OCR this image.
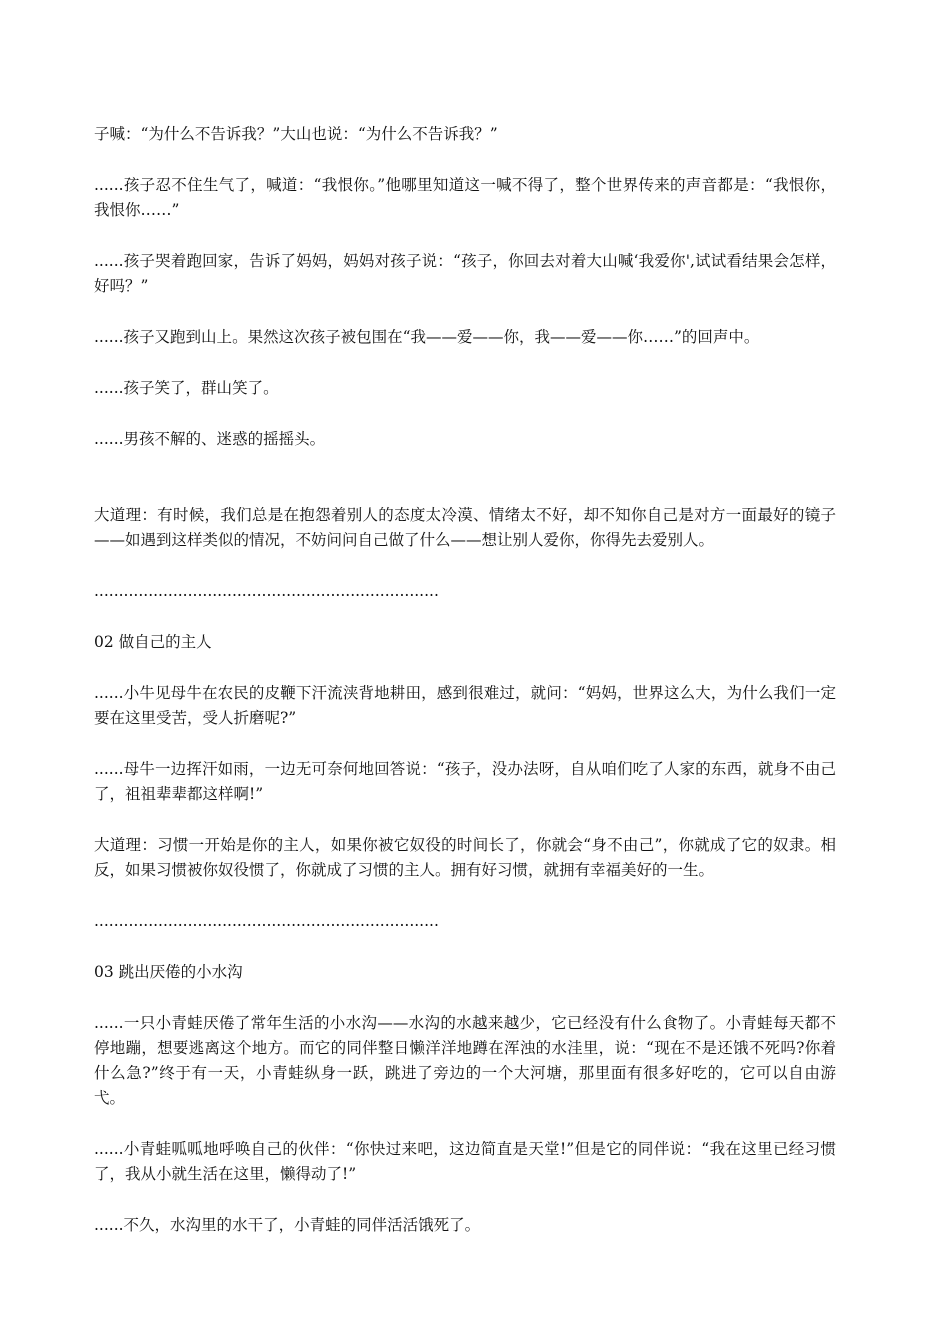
子喊：“为什么不告诉我？”大山也说：“为什么不告诉我？”

......孩子忍不住生气了，喊道：“我恨你。”他哪里知道这一喊不得了，整个世界传来的声音都是：“我恨你，我恨你……”

......孩子哭着跑回家，告诉了妈妈，妈妈对孩子说：“孩子，你回去对着大山喊‘我爱你',试试看结果会怎样，好吗？”

......孩子又跑到山上。果然这次孩子被包围在“我——爱——你，我——爱——你……”的回声中。

......孩子笑了，群山笑了。

......男孩不解的、迷惑的摇摇头。

大道理：有时候，我们总是在抱怨着别人的态度太冷漠、情绪太不好，却不知你自己是对方一面最好的镜子——如遇到这样类似的情况，不妨问问自己做了什么——想让别人爱你，你得先去爱别人。

......................................................................

02 做自己的主人

......小牛见母牛在农民的皮鞭下汗流浃背地耕田，感到很难过，就问：“妈妈，世界这么大，为什么我们一定要在这里受苦，受人折磨呢?”

......母牛一边挥汗如雨，一边无可奈何地回答说：“孩子，没办法呀，自从咱们吃了人家的东西，就身不由己了，祖祖辈辈都这样啊!”

大道理：习惯一开始是你的主人，如果你被它奴役的时间长了，你就会“身不由己”，你就成了它的奴隶。相反，如果习惯被你奴役惯了，你就成了习惯的主人。拥有好习惯，就拥有幸福美好的一生。

......................................................................

03 跳出厌倦的小水沟

......一只小青蛙厌倦了常年生活的小水沟——水沟的水越来越少，它已经没有什么食物了。小青蛙每天都不停地蹦，想要逃离这个地方。而它的同伴整日懒洋洋地蹲在浑浊的水洼里，说：“现在不是还饿不死吗?你着什么急?”终于有一天，小青蛙纵身一跃，跳进了旁边的一个大河塘，那里面有很多好吃的，它可以自由游弋。

......小青蛙呱呱地呼唤自己的伙伴：“你快过来吧，这边简直是天堂!”但是它的同伴说：“我在这里已经习惯了，我从小就生活在这里，懒得动了!”

......不久，水沟里的水干了，小青蛙的同伴活活饿死了。
